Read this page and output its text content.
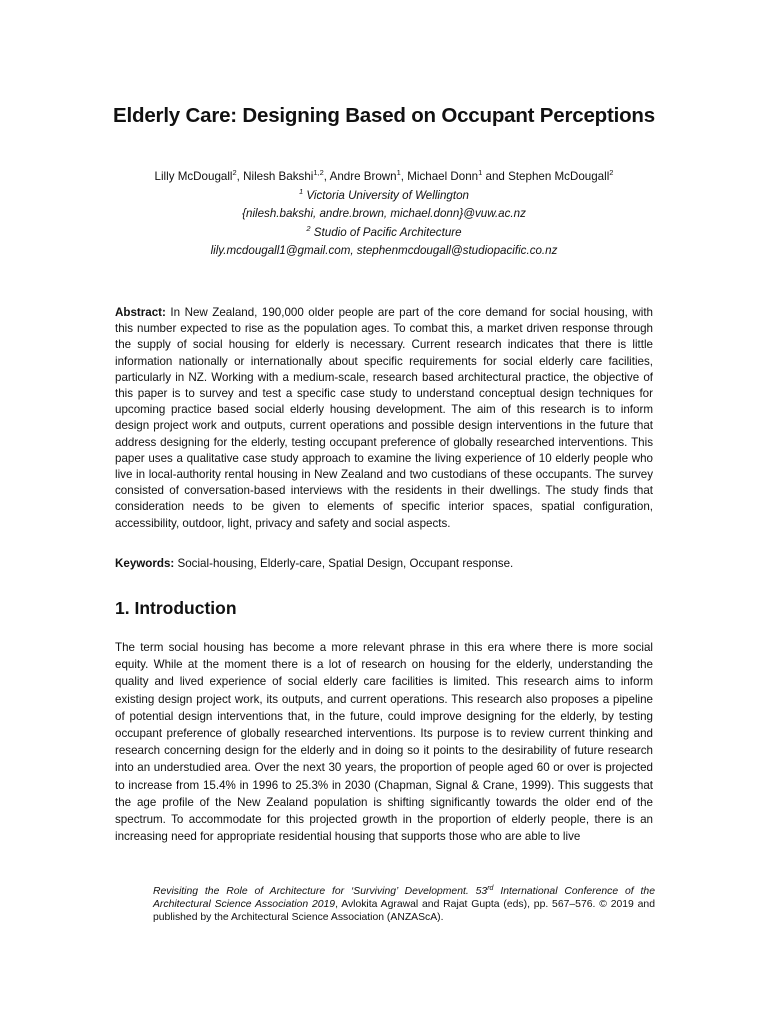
Elderly Care: Designing Based on Occupant Perceptions
Lilly McDougall$^2$, Nilesh Bakshi$^{1,2}$, Andre Brown$^1$, Michael Donn$^1$ and Stephen McDougall$^2$
$^1$ Victoria University of Wellington
{nilesh.bakshi, andre.brown, michael.donn}@vuw.ac.nz
$^2$ Studio of Pacific Architecture
lily.mcdougall1@gmail.com, stephenmcdougall@studiopacific.co.nz

Abstract: In New Zealand, 190,000 older people are part of the core demand for social housing, with this number expected to rise as the population ages. To combat this, a market driven response through the supply of social housing for elderly is necessary. Current research indicates that there is little information nationally or internationally about specific requirements for social elderly care facilities, particularly in NZ. Working with a medium-scale, research based architectural practice, the objective of this paper is to survey and test a specific case study to understand conceptual design techniques for upcoming practice based social elderly housing development. The aim of this research is to inform design project work and outputs, current operations and possible design interventions in the future that address designing for the elderly, testing occupant preference of globally researched interventions. This paper uses a qualitative case study approach to examine the living experience of 10 elderly people who live in local-authority rental housing in New Zealand and two custodians of these occupants. The survey consisted of conversation-based interviews with the residents in their dwellings. The study finds that consideration needs to be given to elements of specific interior spaces, spatial configuration, accessibility, outdoor, light, privacy and safety and social aspects.

Keywords: Social-housing, Elderly-care, Spatial Design, Occupant response.

1. Introduction

The term social housing has become a more relevant phrase in this era where there is more social equity. While at the moment there is a lot of research on housing for the elderly, understanding the quality and lived experience of social elderly care facilities is limited. This research aims to inform existing design project work, its outputs, and current operations. This research also proposes a pipeline of potential design interventions that, in the future, could improve designing for the elderly, by testing occupant preference of globally researched interventions. Its purpose is to review current thinking and research concerning design for the elderly and in doing so it points to the desirability of future research into an understudied area. Over the next 30 years, the proportion of people aged 60 or over is projected to increase from 15.4% in 1996 to 25.3% in 2030 (Chapman, Signal & Crane, 1999). This suggests that the age profile of the New Zealand population is shifting significantly towards the older end of the spectrum. To accommodate for this projected growth in the proportion of elderly people, there is an increasing need for appropriate residential housing that supports those who are able to live

Revisiting the Role of Architecture for ‘Surviving’ Development. 53rd International Conference of the Architectural Science Association 2019, Avlokita Agrawal and Rajat Gupta (eds), pp. 567–576. © 2019 and published by the Architectural Science Association (ANZAScA).
